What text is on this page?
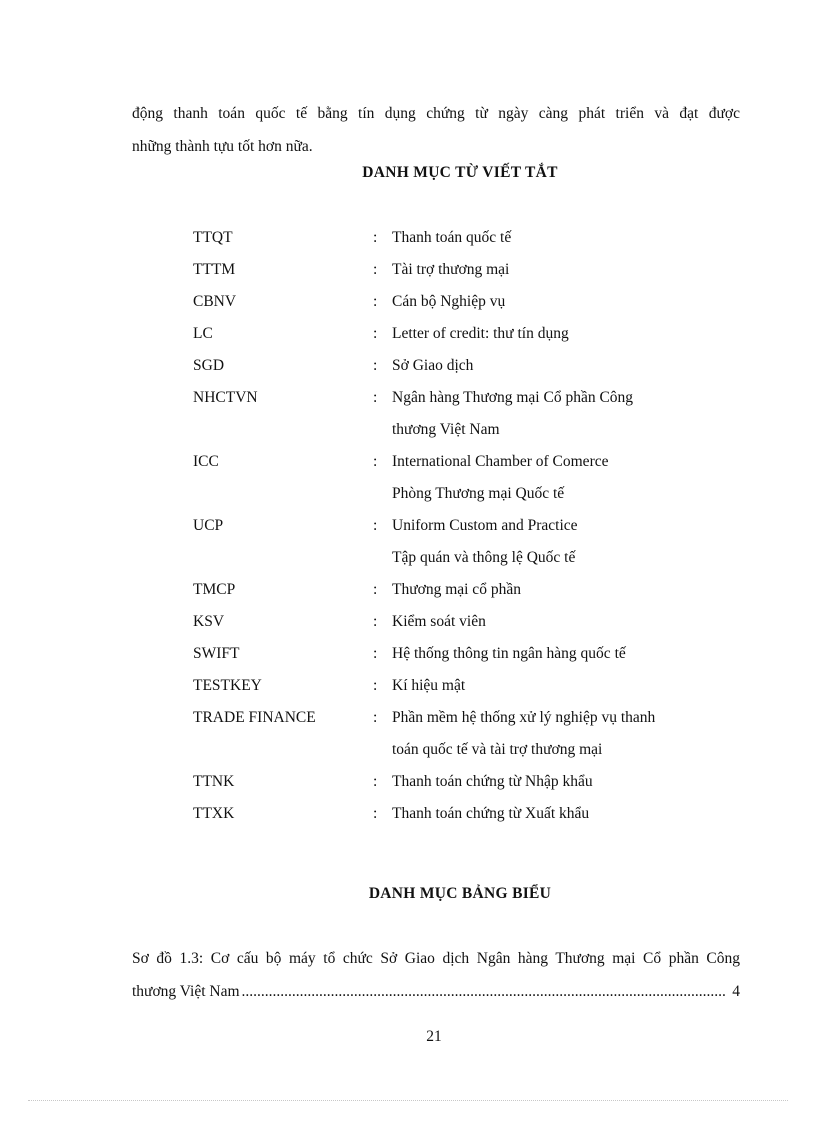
động thanh toán quốc tế bằng tín dụng chứng từ ngày càng phát triển và đạt được
những thành tựu tốt hơn nữa.
DANH MỤC TỪ VIẾT TẮT
TTQT	: Thanh toán quốc tế
TTTM	: Tài trợ thương mại
CBNV	: Cán bộ Nghiệp vụ
LC	: Letter of credit: thư tín dụng
SGD	: Sở Giao dịch
NHCTVN	: Ngân hàng Thương mại Cổ phần Công
thương Việt Nam
ICC	: International Chamber of Comerce
Phòng Thương mại Quốc tế
UCP	: Uniform Custom and Practice
Tập quán và thông lệ Quốc tế
TMCP	: Thương mại cổ phần
KSV	: Kiểm soát viên
SWIFT	: Hệ thống thông tin ngân hàng quốc tế
TESTKEY	: Kí hiệu mật
TRADE FINANCE	: Phần mềm hệ thống xử lý nghiệp vụ thanh
toán quốc tế và tài trợ thương mại
TTNK	: Thanh toán chứng từ Nhập khẩu
TTXK	: Thanh toán chứng từ Xuất khẩu
DANH MỤC BẢNG BIỂU
Sơ đồ 1.3: Cơ cấu bộ máy tổ chức Sở Giao dịch Ngân hàng Thương mại Cổ phần Công
thương Việt Nam
.....	4
21
